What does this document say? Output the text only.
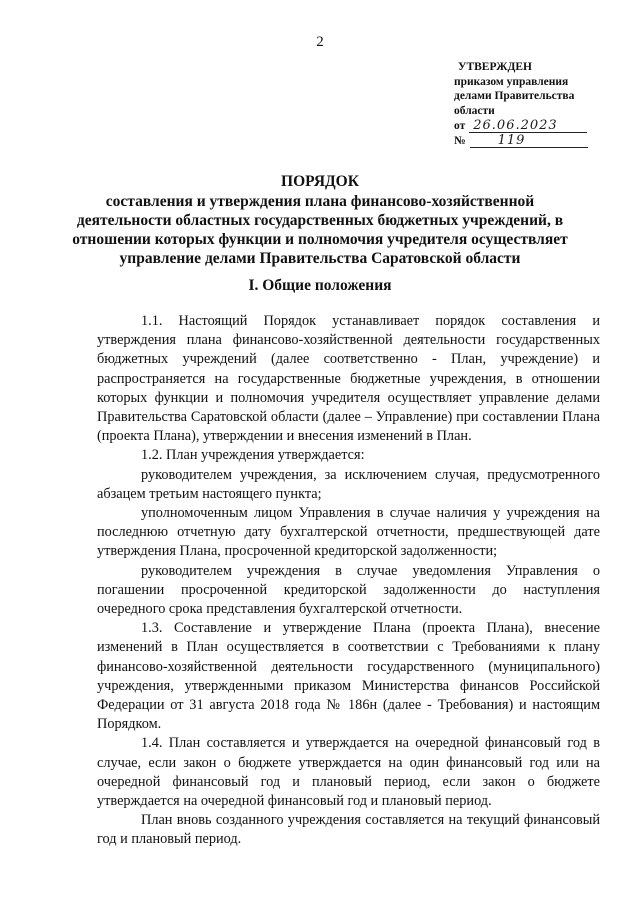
2
УТВЕРЖДЕН
приказом управления
делами Правительства
области
от 26.06.2023
№ 119
ПОРЯДОК
составления и утверждения плана финансово-хозяйственной
деятельности областных государственных бюджетных учреждений, в
отношении которых функции и полномочия учредителя осуществляет
управление делами Правительства Саратовской области
I. Общие положения

1.1. Настоящий Порядок устанавливает порядок составления и утверждения плана финансово-хозяйственной деятельности государственных бюджетных учреждений (далее соответственно - План, учреждение) и распространяется на государственные бюджетные учреждения, в отношении которых функции и полномочия учредителя осуществляет управление делами Правительства Саратовской области (далее – Управление) при составлении Плана (проекта Плана), утверждении и внесения изменений в План.

1.2. План учреждения утверждается:

руководителем учреждения, за исключением случая, предусмотренного абзацем третьим настоящего пункта;

уполномоченным лицом Управления в случае наличия у учреждения на последнюю отчетную дату бухгалтерской отчетности, предшествующей дате утверждения Плана, просроченной кредиторской задолженности;

руководителем учреждения в случае уведомления Управления о погашении просроченной кредиторской задолженности до наступления очередного срока представления бухгалтерской отчетности.

1.3. Составление и утверждение Плана (проекта Плана), внесение изменений в План осуществляется в соответствии с Требованиями к плану финансово-хозяйственной деятельности государственного (муниципального) учреждения, утвержденными приказом Министерства финансов Российской Федерации от 31 августа 2018 года № 186н (далее - Требования) и настоящим Порядком.

1.4. План составляется и утверждается на очередной финансовый год в случае, если закон о бюджете утверждается на один финансовый год или на очередной финансовый год и плановый период, если закон о бюджете утверждается на очередной финансовый год и плановый период.

План вновь созданного учреждения составляется на текущий финансовый год и плановый период.
